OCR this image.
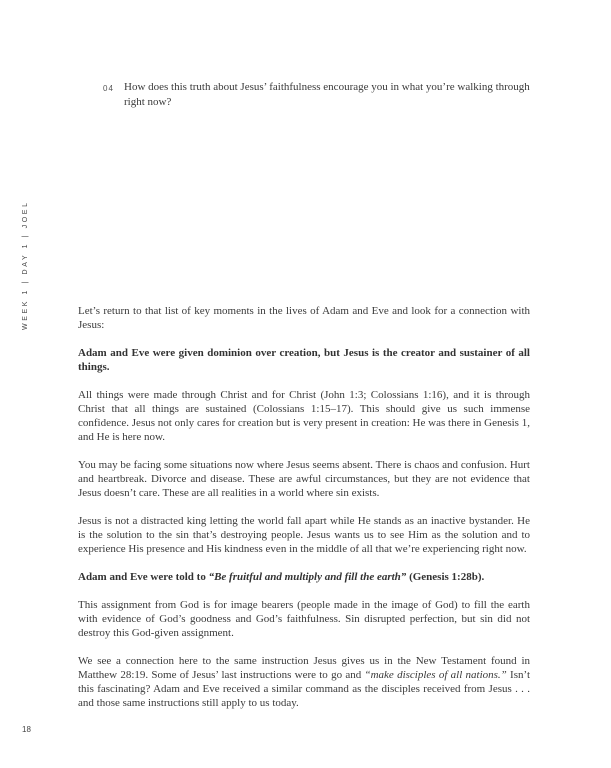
04 How does this truth about Jesus’ faithfulness encourage you in what you’re walking through right now?
WEEK 1 | DAY 1 | JOEL	Let’s return to that list of key moments in the lives of Adam and Eve and look for a connection with Jesus:

Adam and Eve were given dominion over creation, but Jesus is the creator and sustainer of all things.

All things were made through Christ and for Christ (John 1:3; Colossians 1:16), and it is through Christ that all things are sustained (Colossians 1:15–17). This should give us such immense confidence. Jesus not only cares for creation but is very present in creation: He was there in Genesis 1, and He is here now.

You may be facing some situations now where Jesus seems absent. There is chaos and confusion. Hurt and heartbreak. Divorce and disease. These are awful circumstances, but they are not evidence that Jesus doesn’t care. These are all realities in a world where sin exists.

Jesus is not a distracted king letting the world fall apart while He stands as an inactive bystander. He is the solution to the sin that’s destroying people. Jesus wants us to see Him as the solution and to experience His presence and His kindness even in the middle of all that we’re experiencing right now.

Adam and Eve were told to “Be fruitful and multiply and fill the earth” (Genesis 1:28b).

This assignment from God is for image bearers (people made in the image of God) to fill the earth with evidence of God’s goodness and God’s faithfulness. Sin disrupted perfection, but sin did not destroy this God-given assignment.

We see a connection here to the same instruction Jesus gives us in the New Testament found in Matthew 28:19. Some of Jesus’ last instructions were to go and “make disciples of all nations.” Isn’t this fascinating? Adam and Eve received a similar command as the disciples received from Jesus . . . and those same instructions still apply to us today.

18
